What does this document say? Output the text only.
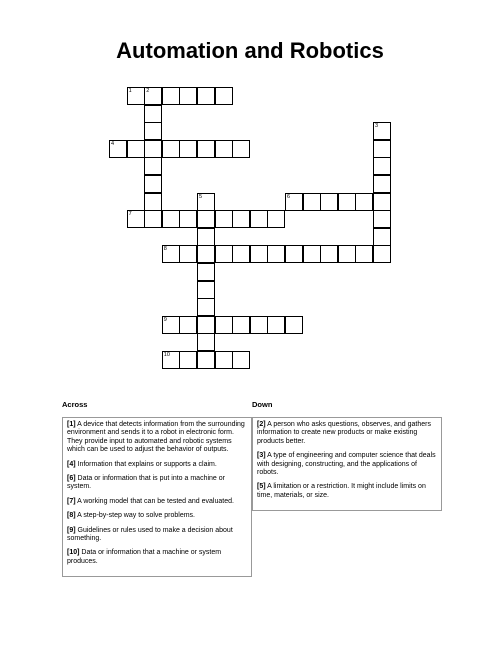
Automation and Robotics
1	2
3
4
5	6
7
8
9
10
Across
[1] A device that detects information from the surrounding environment and sends it to a robot in electronic form. They provide input to automated and robotic systems which can be used to adjust the behavior of outputs.
[4] Information that explains or supports a claim.
[6] Data or information that is put into a machine or system.
[7] A working model that can be tested and evaluated.
[8] A step-by-step way to solve problems.
[9] Guidelines or rules used to make a decision about something.
[10] Data or information that a machine or system produces.
Down
[2] A person who asks questions, observes, and gathers information to create new products or make existing products better.
[3] A type of engineering and computer science that deals with designing, constructing, and the applications of robots.
[5] A limitation or a restriction. It might include limits on time, materials, or size.
